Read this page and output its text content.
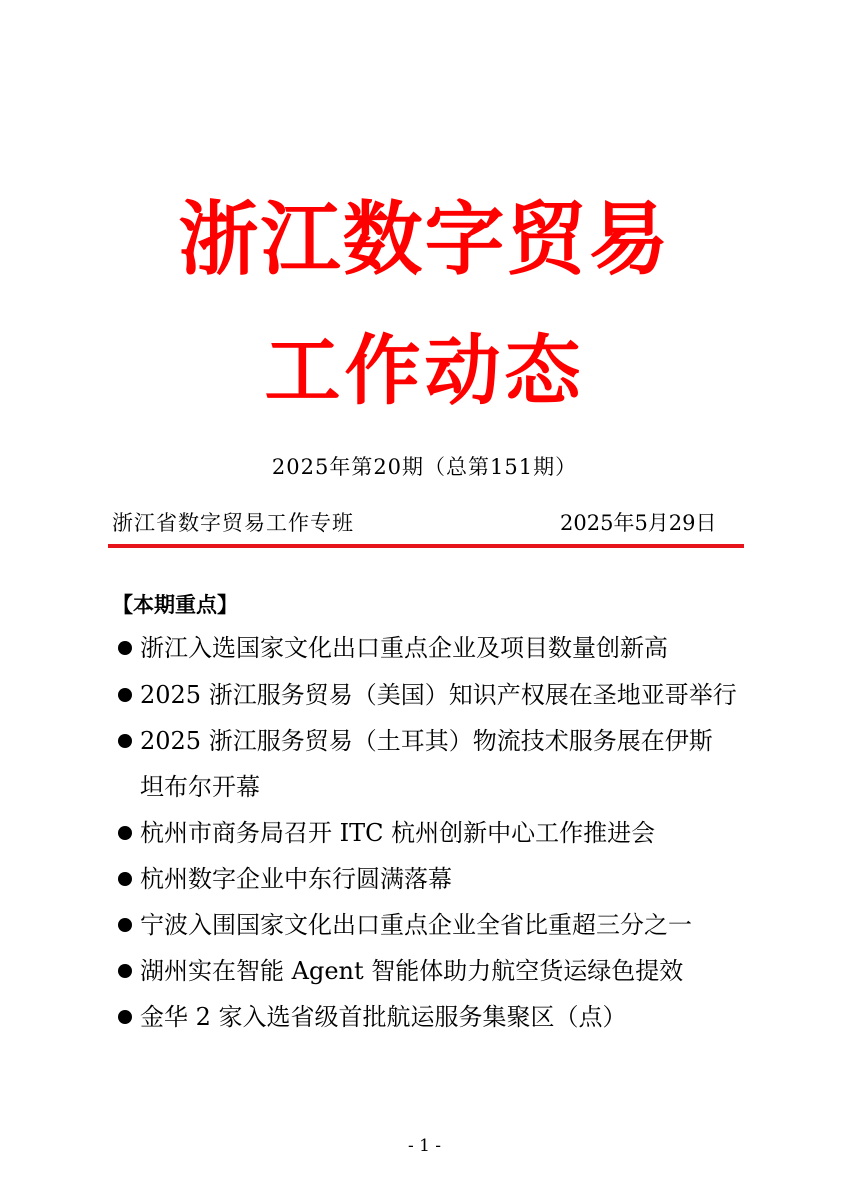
浙江数字贸易
工作动态
2025年第20期（总第151期）
浙江省数字贸易工作专班	2025年5月29日
【本期重点】
浙江入选国家文化出口重点企业及项目数量创新高
2025 浙江服务贸易（美国）知识产权展在圣地亚哥举行
2025 浙江服务贸易（土耳其）物流技术服务展在伊斯
坦布尔开幕
杭州市商务局召开 ITC 杭州创新中心工作推进会
杭州数字企业中东行圆满落幕
宁波入围国家文化出口重点企业全省比重超三分之一
湖州实在智能 Agent 智能体助力航空货运绿色提效
金华 2 家入选省级首批航运服务集聚区（点）
- 1 -
